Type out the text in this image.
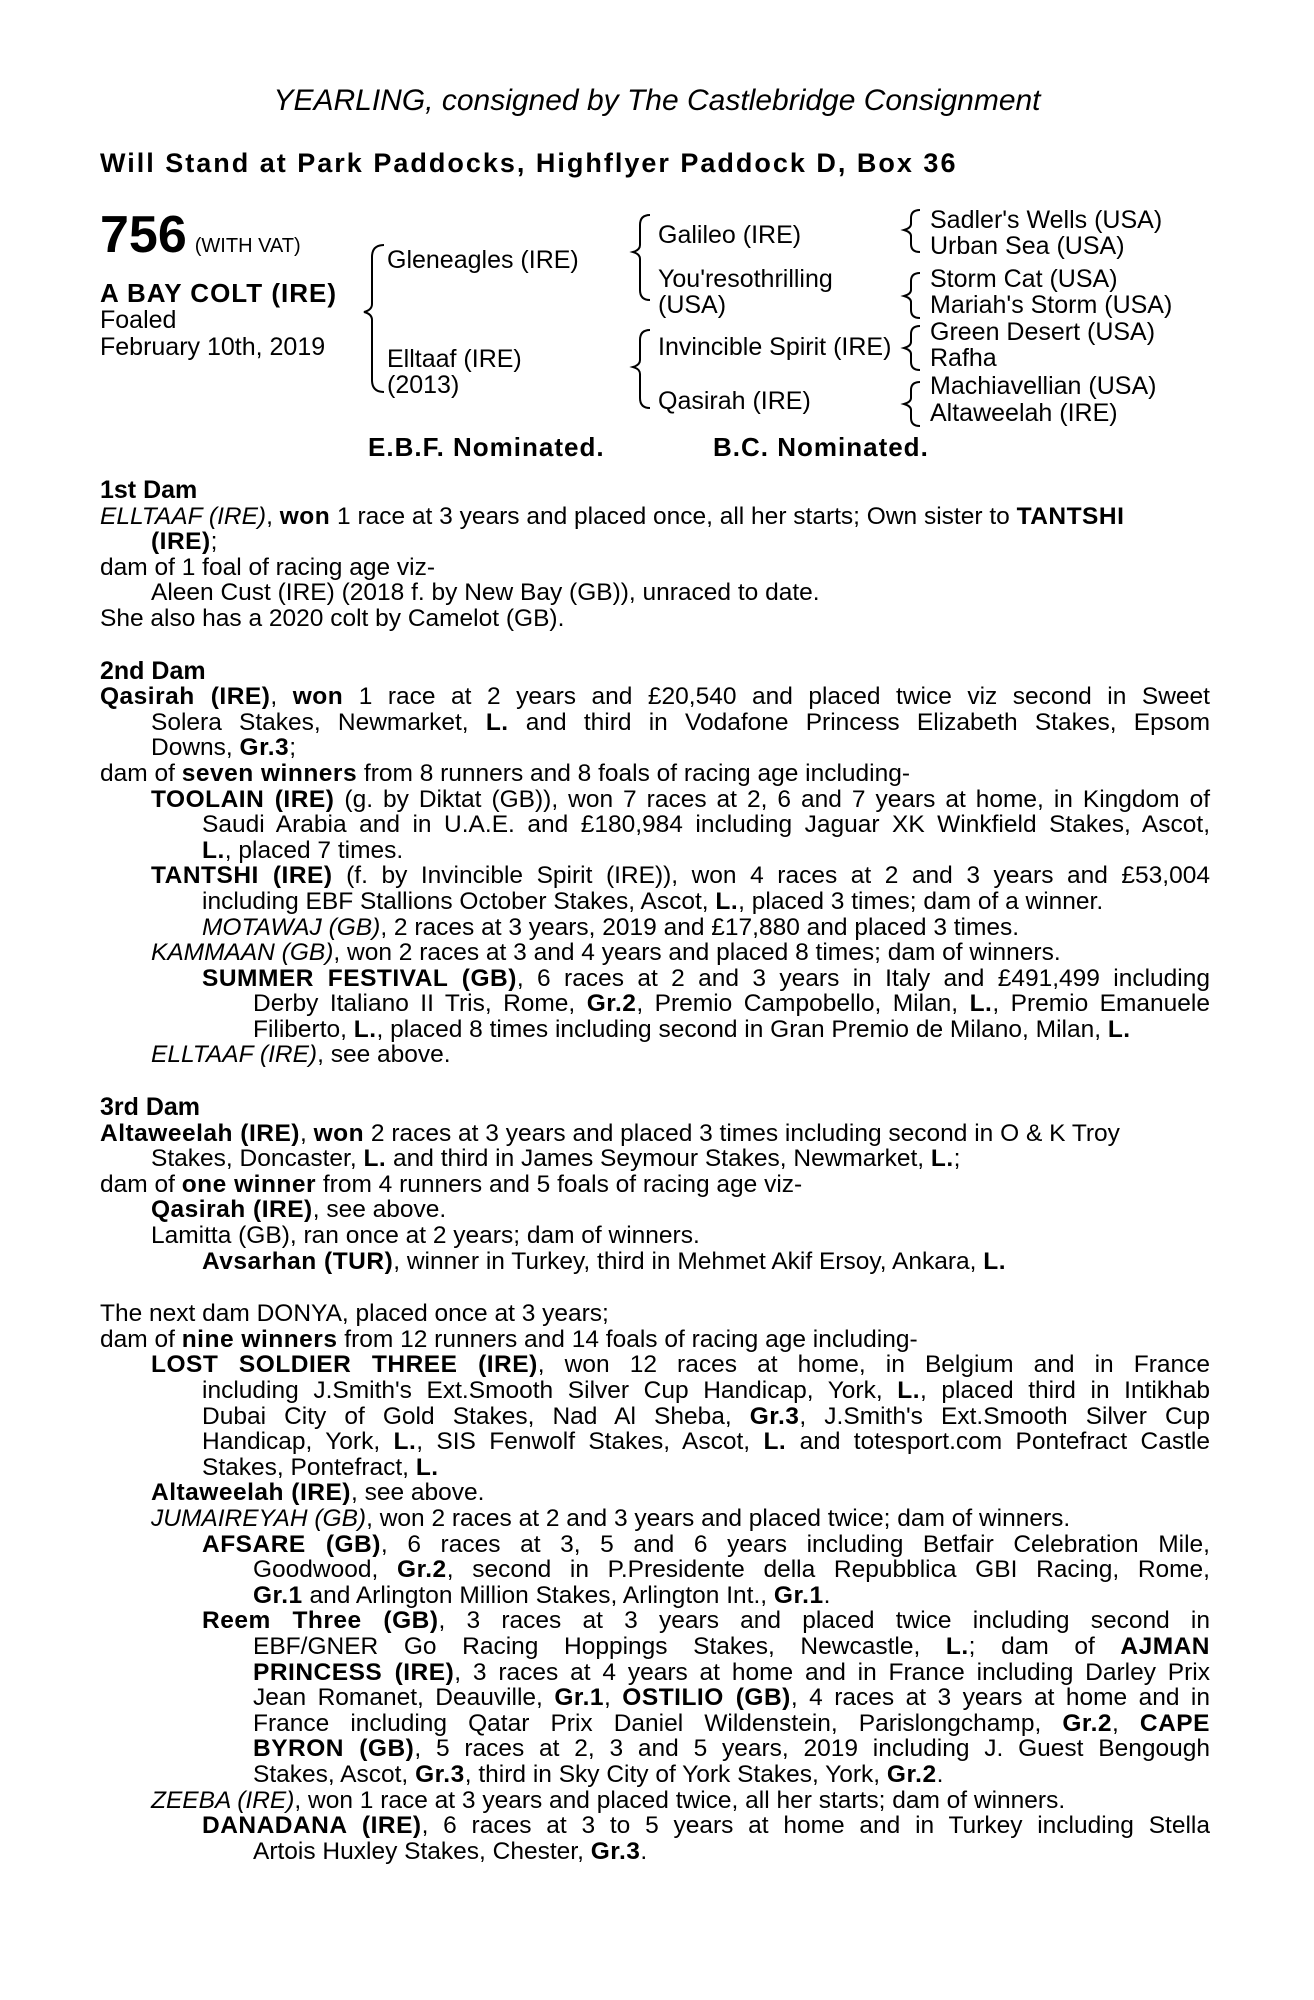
YEARLING, consigned by The Castlebridge Consignment
Will Stand at Park Paddocks, Highflyer Paddock D, Box 36
756 (WITH VAT)
A BAY COLT (IRE)
Foaled
February 10th, 2019
Gleneagles (IRE)
Elltaaf (IRE)
(2013)
Galileo (IRE)
You'resothrilling
(USA)
Invincible Spirit (IRE)
Qasirah (IRE)
Sadler's Wells (USA)
Urban Sea (USA)
Storm Cat (USA)
Mariah's Storm (USA)
Green Desert (USA)
Rafha
Machiavellian (USA)
Altaweelah (IRE)
E.B.F. Nominated.	B.C. Nominated.
1st Dam
ELLTAAF (IRE), won 1 race at 3 years and placed once, all her starts; Own sister to TANTSHI
(IRE);
dam of 1 foal of racing age viz-
Aleen Cust (IRE) (2018 f. by New Bay (GB)), unraced to date.
She also has a 2020 colt by Camelot (GB).
2nd Dam
Qasirah (IRE), won 1 race at 2 years and £20,540 and placed twice viz second in Sweet
Solera Stakes, Newmarket, L. and third in Vodafone Princess Elizabeth Stakes, Epsom
Downs, Gr.3;
dam of seven winners from 8 runners and 8 foals of racing age including-
TOOLAIN (IRE) (g. by Diktat (GB)), won 7 races at 2, 6 and 7 years at home, in Kingdom of
Saudi Arabia and in U.A.E. and £180,984 including Jaguar XK Winkfield Stakes, Ascot,
L., placed 7 times.
TANTSHI (IRE) (f. by Invincible Spirit (IRE)), won 4 races at 2 and 3 years and £53,004
including EBF Stallions October Stakes, Ascot, L., placed 3 times; dam of a winner.
MOTAWAJ (GB), 2 races at 3 years, 2019 and £17,880 and placed 3 times.
KAMMAAN (GB), won 2 races at 3 and 4 years and placed 8 times; dam of winners.
SUMMER FESTIVAL (GB), 6 races at 2 and 3 years in Italy and £491,499 including
Derby Italiano II Tris, Rome, Gr.2, Premio Campobello, Milan, L., Premio Emanuele
Filiberto, L., placed 8 times including second in Gran Premio de Milano, Milan, L.
ELLTAAF (IRE), see above.
3rd Dam
Altaweelah (IRE), won 2 races at 3 years and placed 3 times including second in O & K Troy
Stakes, Doncaster, L. and third in James Seymour Stakes, Newmarket, L.;
dam of one winner from 4 runners and 5 foals of racing age viz-
Qasirah (IRE), see above.
Lamitta (GB), ran once at 2 years; dam of winners.
Avsarhan (TUR), winner in Turkey, third in Mehmet Akif Ersoy, Ankara, L.
The next dam DONYA, placed once at 3 years;
dam of nine winners from 12 runners and 14 foals of racing age including-
LOST SOLDIER THREE (IRE), won 12 races at home, in Belgium and in France
including J.Smith's Ext.Smooth Silver Cup Handicap, York, L., placed third in Intikhab
Dubai City of Gold Stakes, Nad Al Sheba, Gr.3, J.Smith's Ext.Smooth Silver Cup
Handicap, York, L., SIS Fenwolf Stakes, Ascot, L. and totesport.com Pontefract Castle
Stakes, Pontefract, L.
Altaweelah (IRE), see above.
JUMAIREYAH (GB), won 2 races at 2 and 3 years and placed twice; dam of winners.
AFSARE (GB), 6 races at 3, 5 and 6 years including Betfair Celebration Mile,
Goodwood, Gr.2, second in P.Presidente della Repubblica GBI Racing, Rome,
Gr.1 and Arlington Million Stakes, Arlington Int., Gr.1.
Reem Three (GB), 3 races at 3 years and placed twice including second in
EBF/GNER Go Racing Hoppings Stakes, Newcastle, L.; dam of AJMAN
PRINCESS (IRE), 3 races at 4 years at home and in France including Darley Prix
Jean Romanet, Deauville, Gr.1, OSTILIO (GB), 4 races at 3 years at home and in
France including Qatar Prix Daniel Wildenstein, Parislongchamp, Gr.2, CAPE
BYRON (GB), 5 races at 2, 3 and 5 years, 2019 including J. Guest Bengough
Stakes, Ascot, Gr.3, third in Sky City of York Stakes, York, Gr.2.
ZEEBA (IRE), won 1 race at 3 years and placed twice, all her starts; dam of winners.
DANADANA (IRE), 6 races at 3 to 5 years at home and in Turkey including Stella
Artois Huxley Stakes, Chester, Gr.3.
